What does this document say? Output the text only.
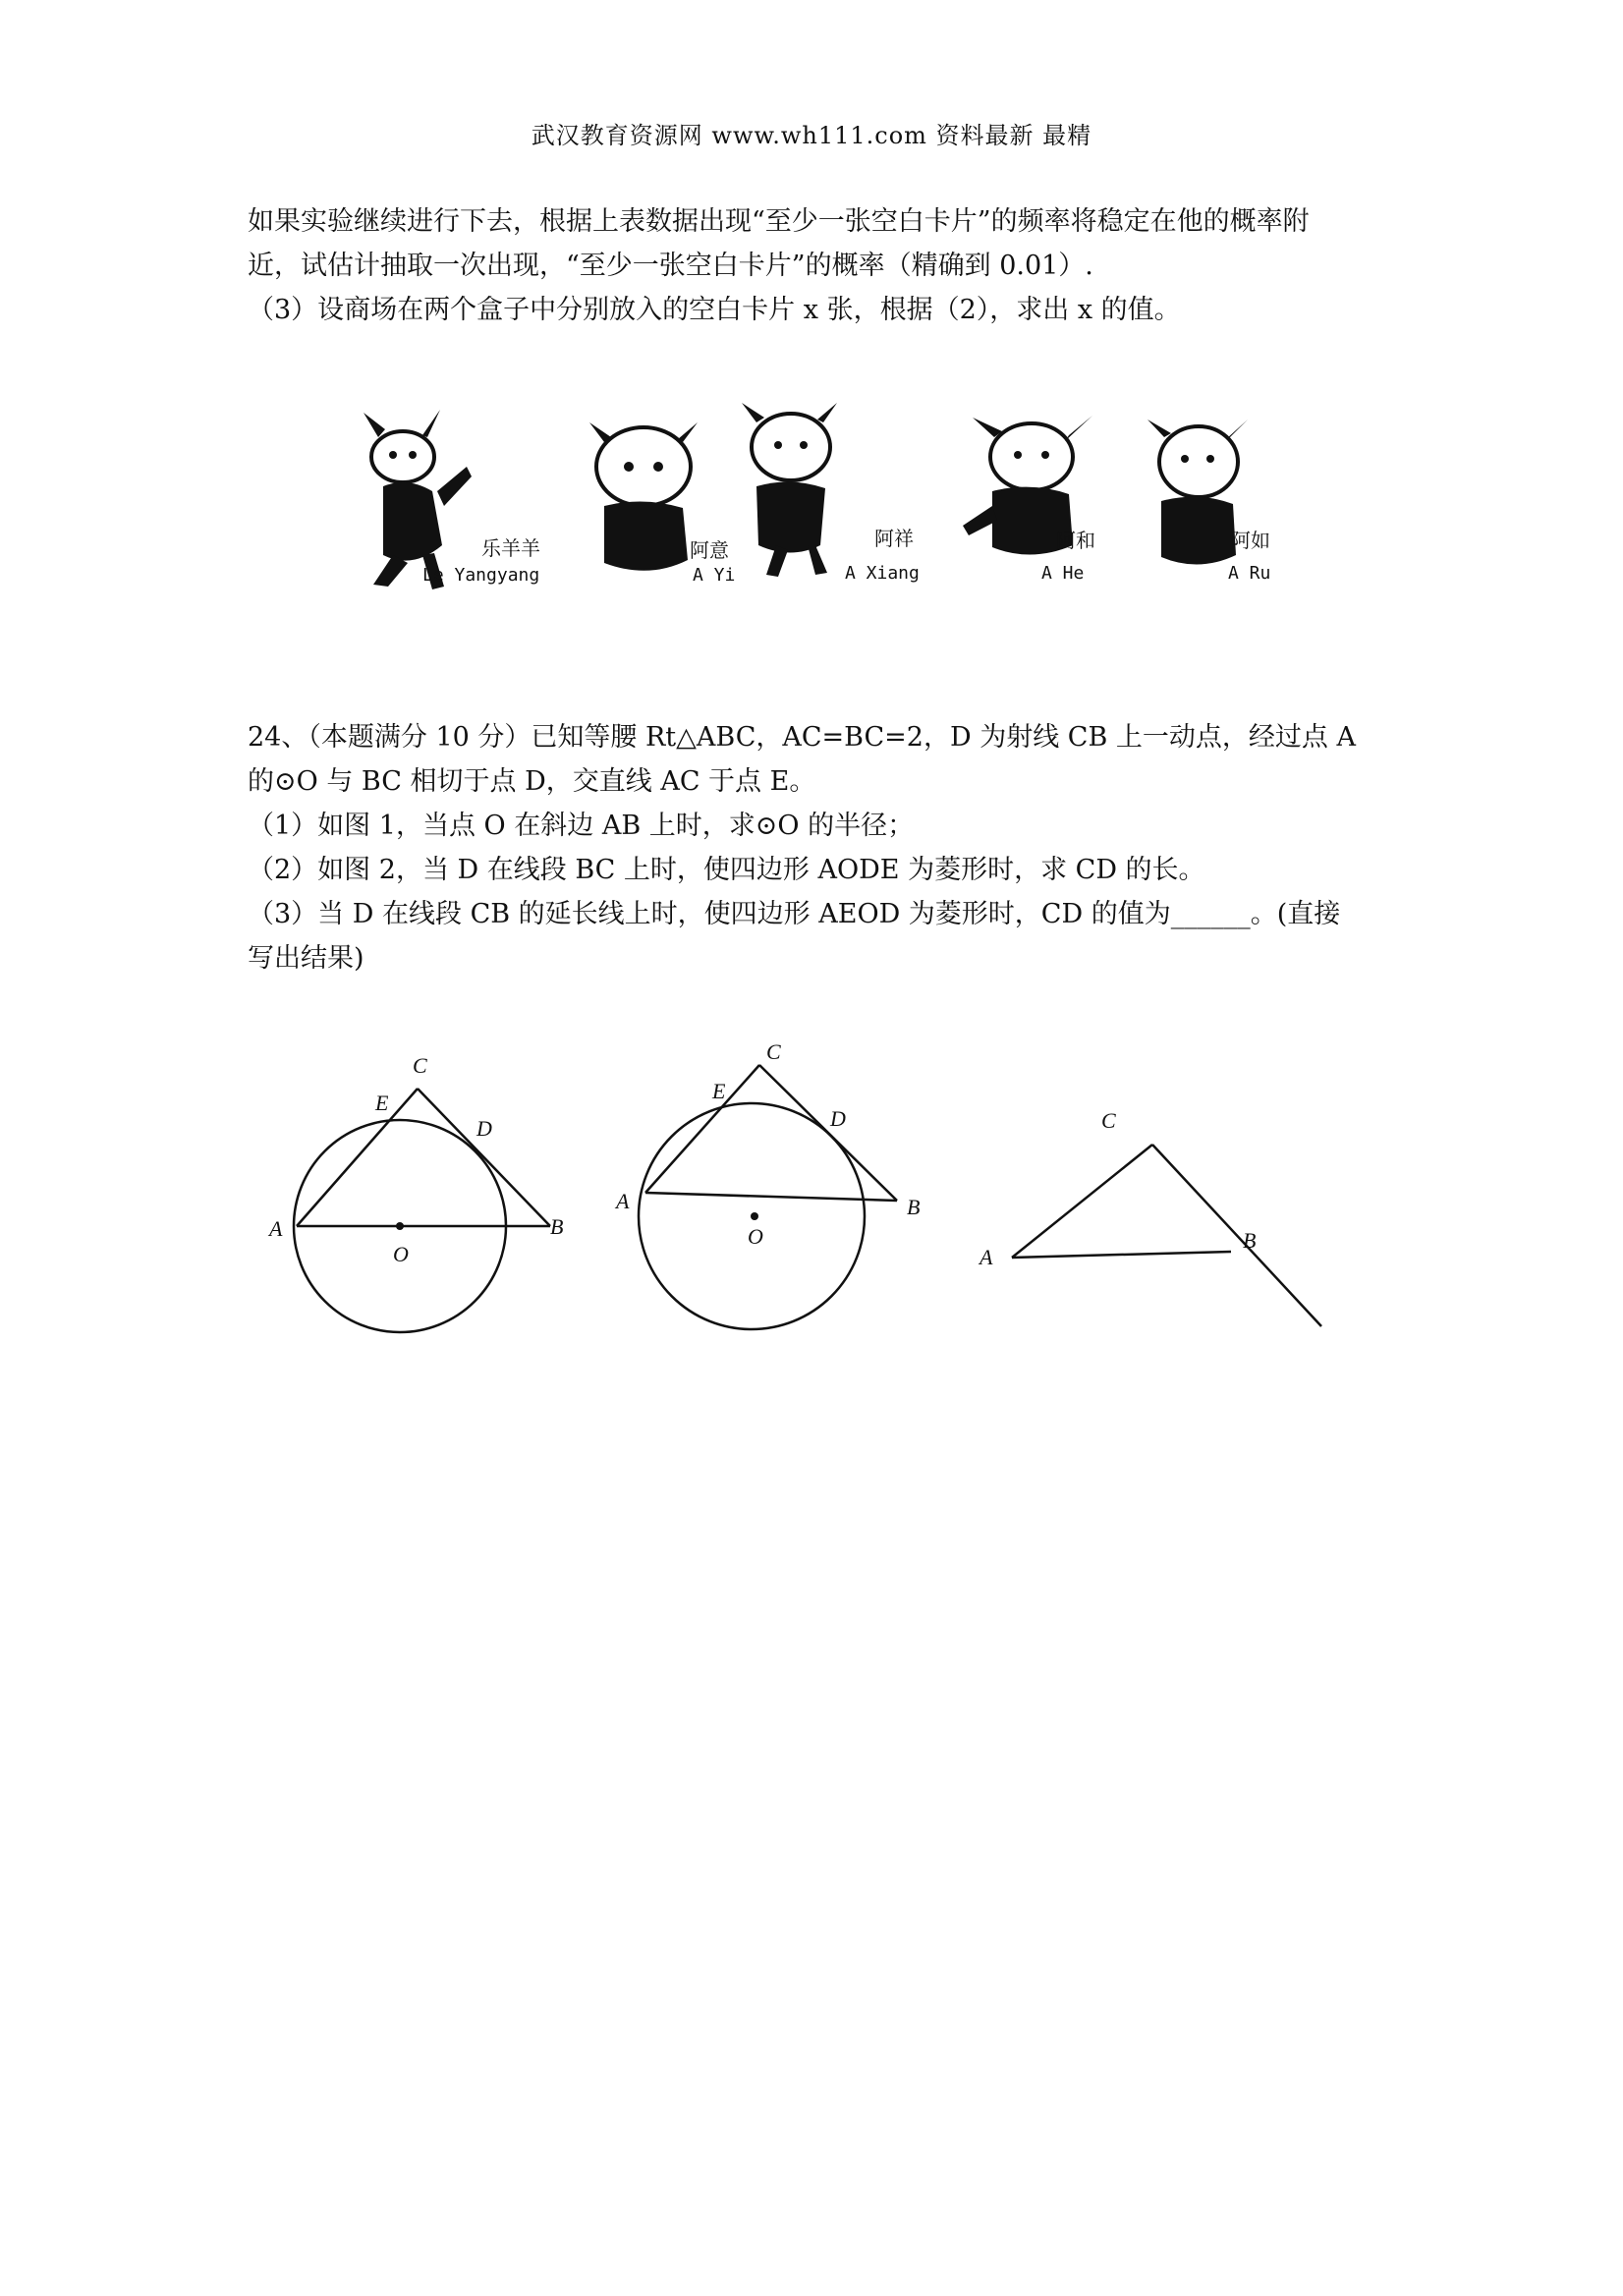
武汉教育资源网 www.wh111.com 资料最新 最精
如果实验继续进行下去，根据上表数据出现“至少一张空白卡片”的频率将稳定在他的概率附
近，试估计抽取一次出现，“至少一张空白卡片”的概率（精确到 0.01）.
（3）设商场在两个盒子中分别放入的空白卡片 x 张，根据（2），求出 x 的值。
乐羊羊
Le Yangyang
阿意
A Yi
阿祥
A Xiang
阿和
A He
阿如
A Ru
24、（本题满分 10 分）已知等腰 Rt△ABC，AC=BC=2，D 为射线 CB 上一动点，经过点 A
的⊙O 与 BC 相切于点 D，交直线 AC 于点 E。
（1）如图 1，当点 O 在斜边 AB 上时，求⊙O 的半径；
（2）如图 2，当 D 在线段 BC 上时，使四边形 AODE 为菱形时，求 CD 的长。
（3）当 D 在线段 CB 的延长线上时，使四边形 AEOD 为菱形时，CD 的值为______。(直接
写出结果)
A	B
C
D
E
O
A	B
C
D
E
O
A
B
C
